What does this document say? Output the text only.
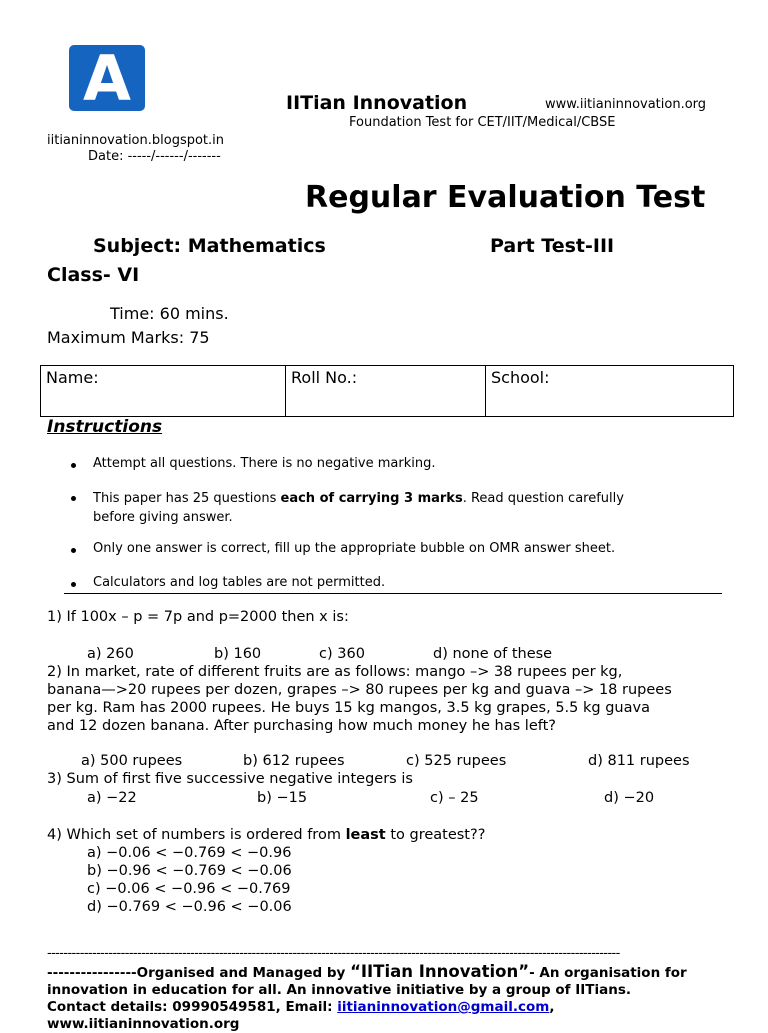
A	IITian Innovation	www.iitianinnovation.org
Foundation Test for CET/IIT/Medical/CBSE
iitianinnovation.blogspot.in
Date: -----/------/-------
Regular Evaluation Test
Subject: Mathematics	Part Test-III
Class- VI
Time: 60 mins.
Maximum Marks: 75
Name:	Roll No.:	School:
Instructions
Attempt all questions. There is no negative marking.
This paper has 25 questions each of carrying 3 marks. Read question carefully
before giving answer.
Only one answer is correct, fill up the appropriate bubble on OMR answer sheet.
Calculators and log tables are not permitted.
1) If 100x – p = 7p and p=2000 then x is:
a) 260	b) 160	c) 360	d) none of these
2) In market, rate of different fruits are as follows: mango –> 38 rupees per kg,
banana—>20 rupees per dozen, grapes –> 80 rupees per kg and guava –> 18 rupees
per kg. Ram has 2000 rupees. He buys 15 kg mangos, 3.5 kg grapes, 5.5 kg guava
and 12 dozen banana. After purchasing how much money he has left?
a) 500 rupees	b) 612 rupees	c) 525 rupees	d) 811 rupees
3) Sum of first five successive negative integers is
a) −22	b) −15	c) – 25	d) −20
4) Which set of numbers is ordered from least to greatest??
a) −0.06 < −0.769 < −0.96
b) −0.96 < −0.769 < −0.06
c) −0.06 < −0.96 < −0.769
d) −0.769 < −0.96 < −0.06
--------------------------------------------------------------------------------------------------------------------------------------------
----------------Organised and Managed by “IITian Innovation”- An organisation for innovation in education for all. An innovative initiative by a group of IITians.
Contact details: 09990549581, Email: iitianinnovation@gmail.com,
www.iitianinnovation.org
